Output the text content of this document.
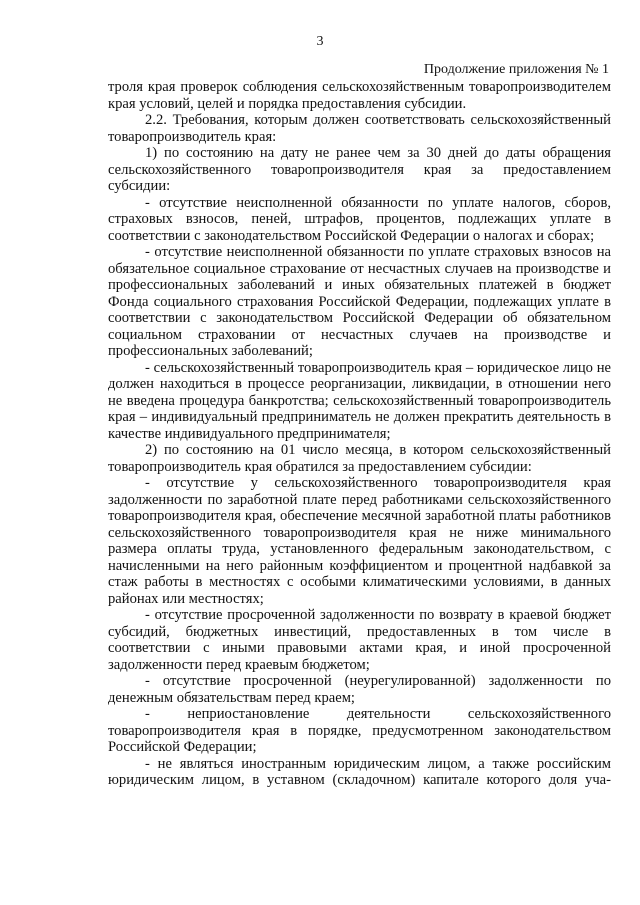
3
Продолжение приложения № 1

троля края проверок соблюдения сельскохозяйственным товаропроизводителем края условий, целей и порядка предоставления субсидии.

2.2. Требования, которым должен соответствовать сельскохозяйственный товаропроизводитель края:

1) по состоянию на дату не ранее чем за 30 дней до даты обращения сельскохозяйственного товаропроизводителя края за предоставлением субсидии:

- отсутствие неисполненной обязанности по уплате налогов, сборов, страховых взносов, пеней, штрафов, процентов, подлежащих уплате в соответствии с законодательством Российской Федерации о налогах и сборах;

- отсутствие неисполненной обязанности по уплате страховых взносов на обязательное социальное страхование от несчастных случаев на производстве и профессиональных заболеваний и иных обязательных платежей в бюджет Фонда социального страхования Российской Федерации, подлежащих уплате в соответствии с законодательством Российской Федерации об обязательном социальном страховании от несчастных случаев на производстве и профессиональных заболеваний;

- сельскохозяйственный товаропроизводитель края – юридическое лицо не должен находиться в процессе реорганизации, ликвидации, в отношении него не введена процедура банкротства; сельскохозяйственный товаропроизводитель края – индивидуальный предприниматель не должен прекратить деятельность в качестве индивидуального предпринимателя;

2) по состоянию на 01 число месяца, в котором сельскохозяйственный товаропроизводитель края обратился за предоставлением субсидии:

- отсутствие у сельскохозяйственного товаропроизводителя края задолженности по заработной плате перед работниками сельскохозяйственного товаропроизводителя края, обеспечение месячной заработной платы работников сельскохозяйственного товаропроизводителя края не ниже минимального размера оплаты труда, установленного федеральным законодательством, с начисленными на него районным коэффициентом и процентной надбавкой за стаж работы в местностях с особыми климатическими условиями, в данных районах или местностях;

- отсутствие просроченной задолженности по возврату в краевой бюджет субсидий, бюджетных инвестиций, предоставленных в том числе в соответствии с иными правовыми актами края, и иной просроченной задолженности перед краевым бюджетом;

- отсутствие просроченной (неурегулированной) задолженности по денежным обязательствам перед краем;

- неприостановление деятельности сельскохозяйственного товаропроизводителя края в порядке, предусмотренном законодательством Российской Федерации;

- не являться иностранным юридическим лицом, а также российским юридическим лицом, в уставном (складочном) капитале которого доля уча-
